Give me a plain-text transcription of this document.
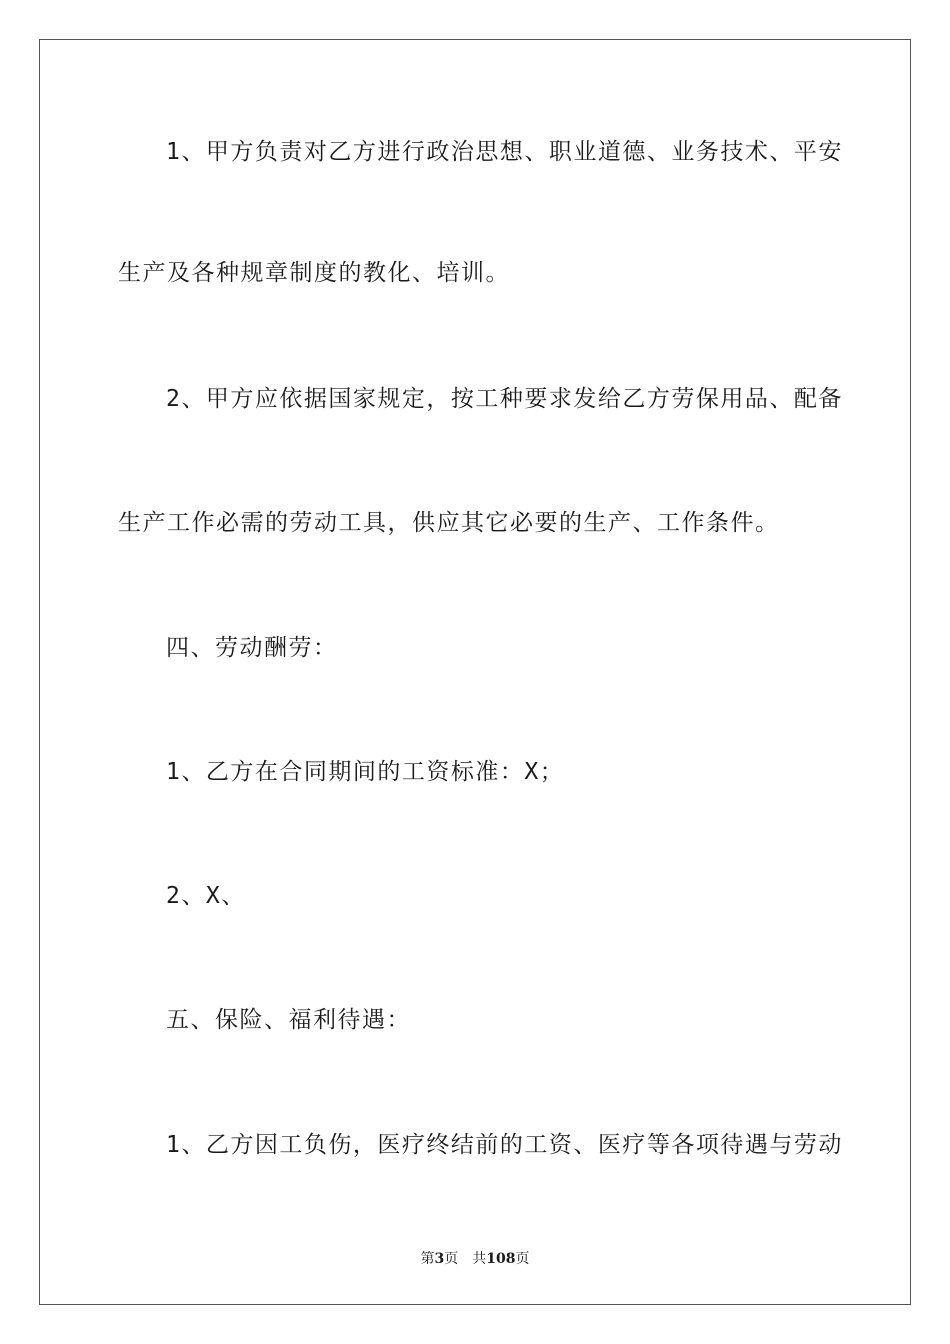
1、甲方负责对乙方进行政治思想、职业道德、业务技术、平安

生产及各种规章制度的教化、培训。

2、甲方应依据国家规定，按工种要求发给乙方劳保用品、配备

生产工作必需的劳动工具，供应其它必要的生产、工作条件。

四、劳动酬劳：

1、乙方在合同期间的工资标准：X；

2、X、

五、保险、福利待遇：

1、乙方因工负伤，医疗终结前的工资、医疗等各项待遇与劳动

第3页 共108页
